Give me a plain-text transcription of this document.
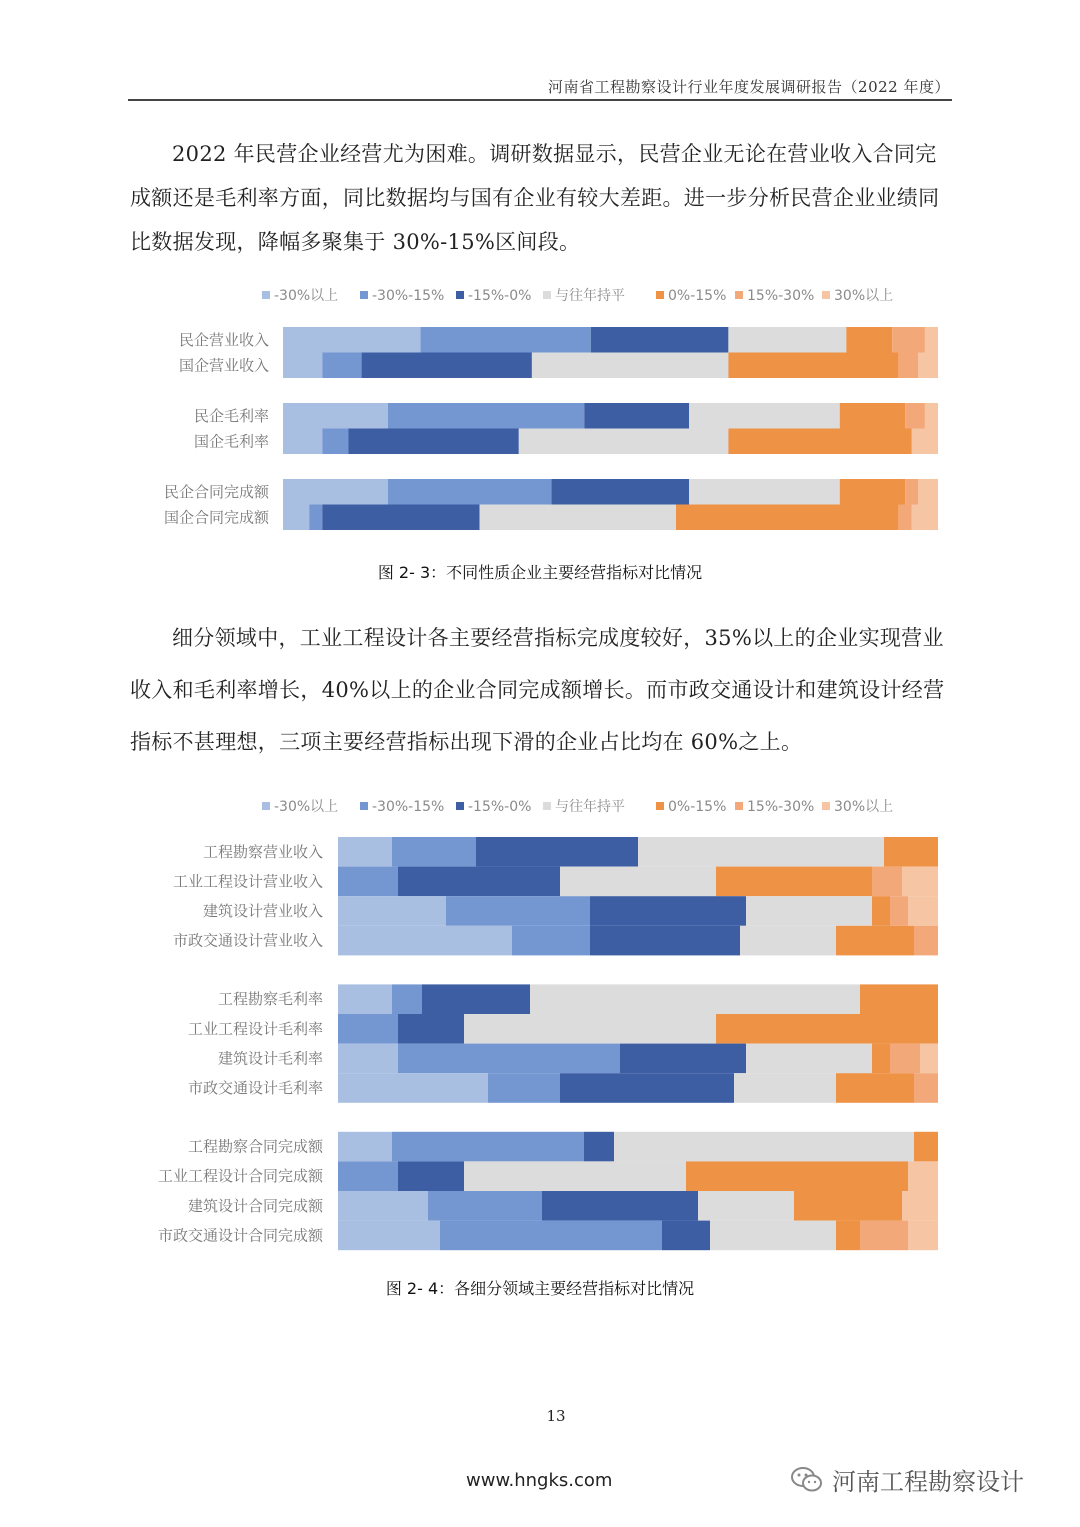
河南省工程勘察设计行业年度发展调研报告（2022 年度）

2022 年民营企业经营尤为困难。调研数据显示，民营企业无论在营业收入合同完成额还是毛利率方面，同比数据均与国有企业有较大差距。进一步分析民营企业业绩同比数据发现，降幅多聚集于 30%-15%区间段。

-30%以上 -30%-15% -15%-0% 与往年持平	0%-15% 15%-30% 30%以上
民企营业收入
国企营业收入
民企毛利率
国企毛利率
民企合同完成额
国企合同完成额
图 2- 3：不同性质企业主要经营指标对比情况

细分领域中，工业工程设计各主要经营指标完成度较好，35%以上的企业实现营业收入和毛利率增长，40%以上的企业合同完成额增长。而市政交通设计和建筑设计经营指标不甚理想，三项主要经营指标出现下滑的企业占比均在 60%之上。

-30%以上 -30%-15% -15%-0% 与往年持平	0%-15% 15%-30% 30%以上
工程勘察营业收入
工业工程设计营业收入
建筑设计营业收入
市政交通设计营业收入
工程勘察毛利率
工业工程设计毛利率
建筑设计毛利率
市政交通设计毛利率
工程勘察合同完成额
工业工程设计合同完成额
建筑设计合同完成额
市政交通设计合同完成额
图 2- 4：各细分领域主要经营指标对比情况
13
www.hngks.com	河南工程勘察设计
